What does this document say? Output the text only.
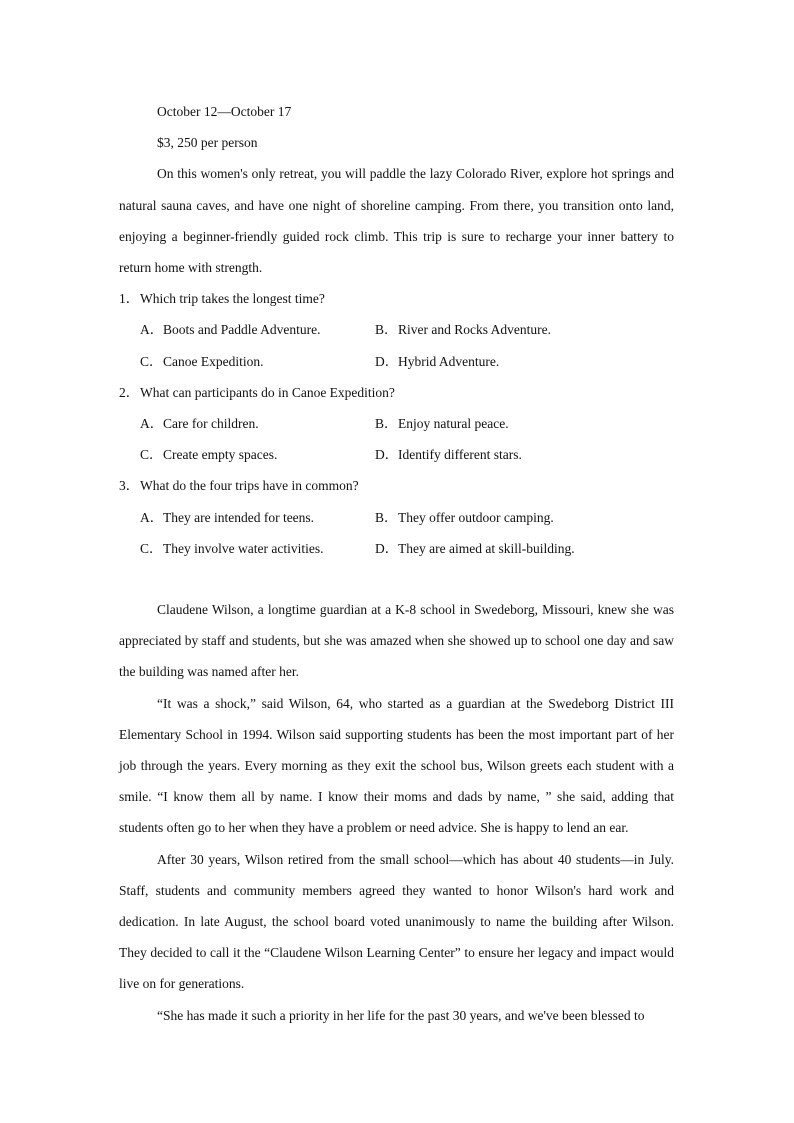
October 12—October 17
$3, 250 per person

On this women's only retreat, you will paddle the lazy Colorado River, explore hot springs and natural sauna caves, and have one night of shoreline camping. From there, you transition onto land, enjoying a beginner-friendly guided rock climb. This trip is sure to recharge your inner battery to return home with strength.

1．Which trip takes the longest time?

A．Boots and Paddle Adventure.	B．River and Rocks Adventure.
C．Canoe Expedition.	D．Hybrid Adventure.

2．What can participants do in Canoe Expedition?

A．Care for children.	B．Enjoy natural peace.
C．Create empty spaces.	D．Identify different stars.

3．What do the four trips have in common?

A．They are intended for teens.	B．They offer outdoor camping.
C．They involve water activities.	D．They are aimed at skill-building.

Claudene Wilson, a longtime guardian at a K-8 school in Swedeborg, Missouri, knew she was appreciated by staff and students, but she was amazed when she showed up to school one day and saw the building was named after her.

“It was a shock,” said Wilson, 64, who started as a guardian at the Swedeborg District III Elementary School in 1994. Wilson said supporting students has been the most important part of her job through the years. Every morning as they exit the school bus, Wilson greets each student with a smile. “I know them all by name. I know their moms and dads by name, ” she said, adding that students often go to her when they have a problem or need advice. She is happy to lend an ear.

After 30 years, Wilson retired from the small school—which has about 40 students—in July. Staff, students and community members agreed they wanted to honor Wilson's hard work and dedication. In late August, the school board voted unanimously to name the building after Wilson. They decided to call it the “Claudene Wilson Learning Center” to ensure her legacy and impact would live on for generations.

“She has made it such a priority in her life for the past 30 years, and we've been blessed to
